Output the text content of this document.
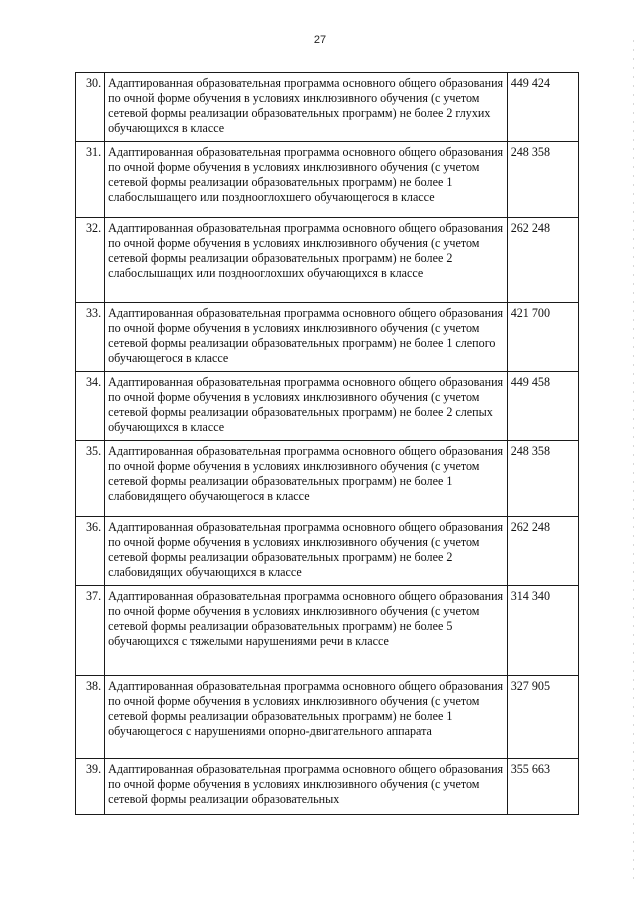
27
30.	Адаптированная образовательная программа основного общего образования по очной форме обучения в условиях инклюзивного обучения (с учетом сетевой формы реализации образовательных программ) не более 2 глухих обучающихся в классе	449 424
31.	Адаптированная образовательная программа основного общего образования по очной форме обучения в условиях инклюзивного обучения (с учетом сетевой формы реализации образовательных программ) не более 1 слабослышащего или позднооглохшего обучающегося в классе	248 358
32.	Адаптированная образовательная программа основного общего образования по очной форме обучения в условиях инклюзивного обучения (с учетом сетевой формы реализации образовательных программ) не более 2 слабослышащих или позднооглохших обучающихся в классе	262 248
33.	Адаптированная образовательная программа основного общего образования по очной форме обучения в условиях инклюзивного обучения (с учетом сетевой формы реализации образовательных программ) не более 1 слепого обучающегося в классе	421 700
34.	Адаптированная образовательная программа основного общего образования по очной форме обучения в условиях инклюзивного обучения (с учетом сетевой формы реализации образовательных программ) не более 2 слепых обучающихся в классе	449 458
35.	Адаптированная образовательная программа основного общего образования по очной форме обучения в условиях инклюзивного обучения (с учетом сетевой формы реализации образовательных программ) не более 1 слабовидящего обучающегося в классе	248 358
36.	Адаптированная образовательная программа основного общего образования по очной форме обучения в условиях инклюзивного обучения (с учетом сетевой формы реализации образовательных программ) не более 2 слабовидящих обучающихся в классе	262 248
37.	Адаптированная образовательная программа основного общего образования по очной форме обучения в условиях инклюзивного обучения (с учетом сетевой формы реализации образовательных программ) не более 5 обучающихся с тяжелыми нарушениями речи в классе	314 340
38.	Адаптированная образовательная программа основного общего образования по очной форме обучения в условиях инклюзивного обучения (с учетом сетевой формы реализации образовательных программ) не более 1 обучающегося с нарушениями опорно-двигательного аппарата	327 905
39.	Адаптированная образовательная программа основного общего образования по очной форме обучения в условиях инклюзивного обучения (с учетом сетевой формы реализации образовательных	355 663
